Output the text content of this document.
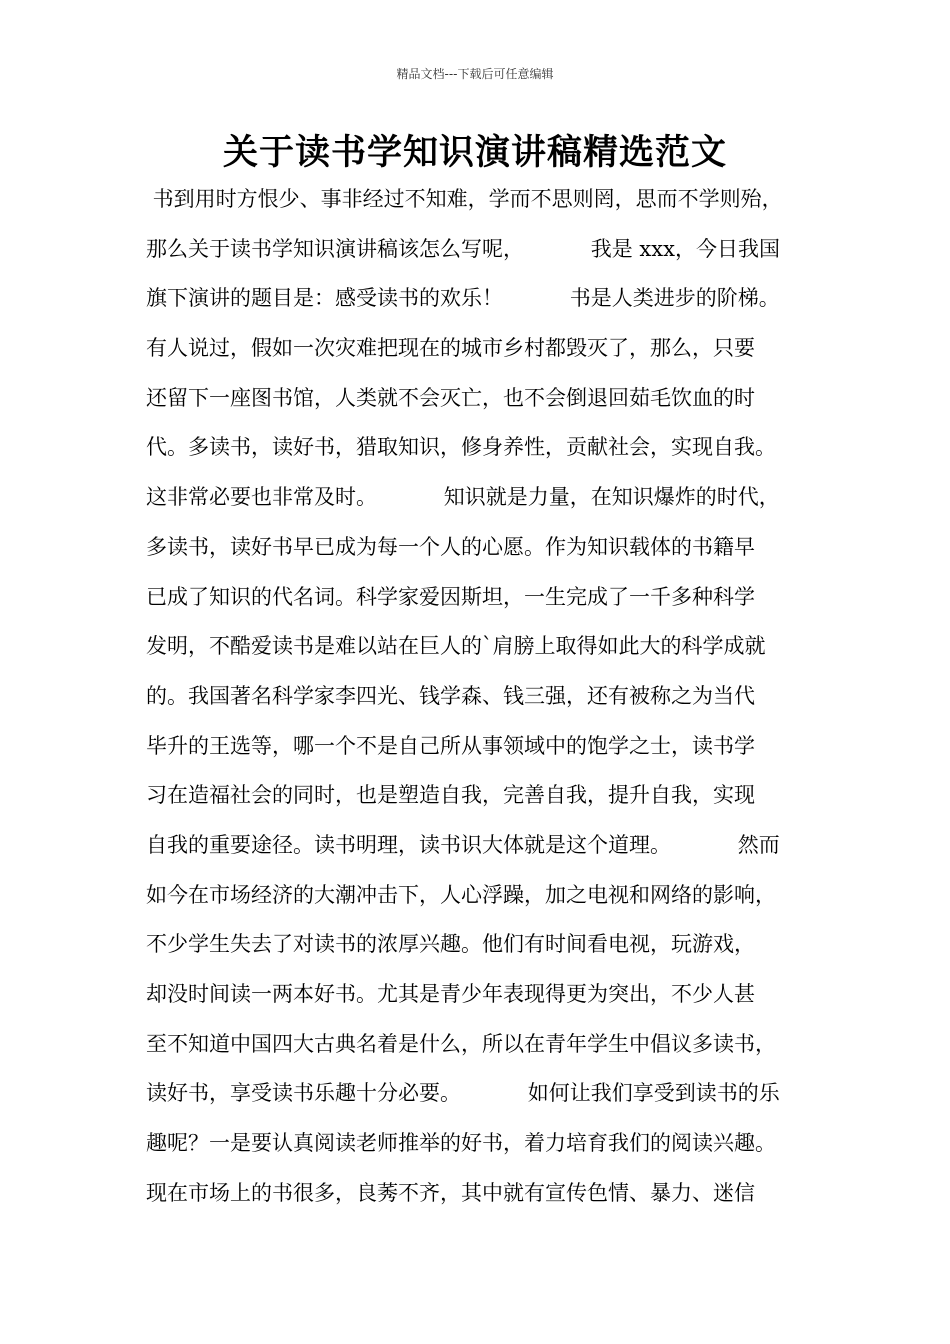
精品文档---下载后可任意编辑
关于读书学知识演讲稿精选范文
书到用时方恨少、事非经过不知难，学而不思则罔，思而不学则殆，
那么关于读书学知识演讲稿该怎么写呢，          我是 xxx，今日我国
旗下演讲的题目是：感受读书的欢乐！          书是人类进步的阶梯。
有人说过，假如一次灾难把现在的城市乡村都毁灭了，那么，只要
还留下一座图书馆，人类就不会灭亡，也不会倒退回茹毛饮血的时
代。多读书，读好书，猎取知识，修身养性，贡献社会，实现自我。
这非常必要也非常及时。          知识就是力量，在知识爆炸的时代，
多读书，读好书早已成为每一个人的心愿。作为知识载体的书籍早
已成了知识的代名词。科学家爱因斯坦，一生完成了一千多种科学
发明，不酷爱读书是难以站在巨人的`肩膀上取得如此大的科学成就
的。我国著名科学家李四光、钱学森、钱三强，还有被称之为当代
毕升的王选等，哪一个不是自己所从事领域中的饱学之士，读书学
习在造福社会的同时，也是塑造自我，完善自我，提升自我，实现
自我的重要途径。读书明理，读书识大体就是这个道理。          然而
如今在市场经济的大潮冲击下，人心浮躁，加之电视和网络的影响，
不少学生失去了对读书的浓厚兴趣。他们有时间看电视，玩游戏，
却没时间读一两本好书。尤其是青少年表现得更为突出，不少人甚
至不知道中国四大古典名着是什么，所以在青年学生中倡议多读书，
读好书，享受读书乐趣十分必要。          如何让我们享受到读书的乐
趣呢？一是要认真阅读老师推举的好书，着力培育我们的阅读兴趣。
现在市场上的书很多，良莠不齐，其中就有宣传色情、暴力、迷信
